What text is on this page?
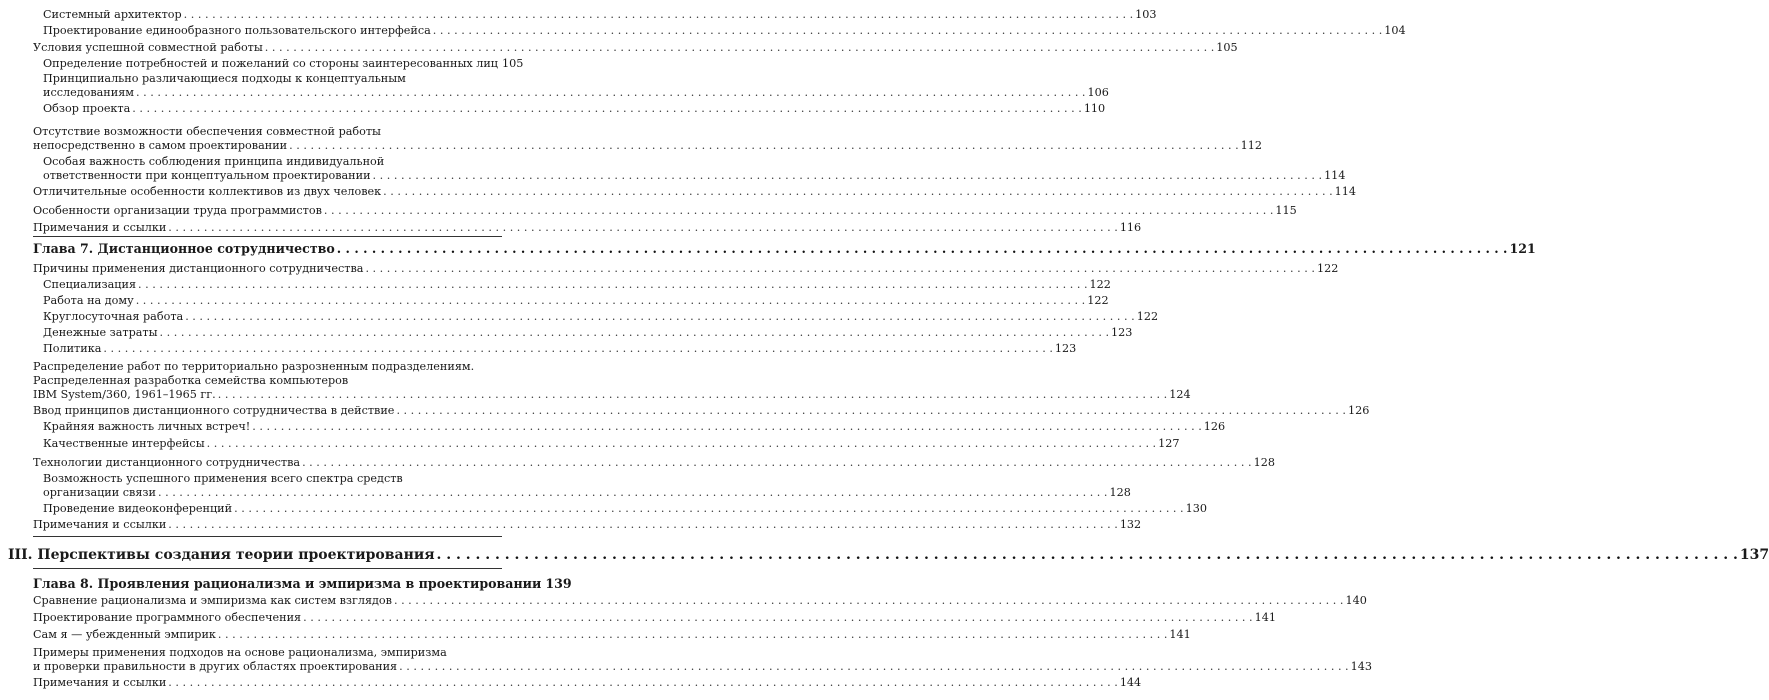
Системный архитектор . . .	103
Проектирование единообразного пользовательского интерфейса . . .	104
Условия успешной совместной работы . . .	105
Определение потребностей и пожеланий со стороны заинтересованных лиц 105
Принципиально различающиеся подходы к концептуальным
исследованиям . . .	106
Обзор проекта . . .	110
Отсутствие возможности обеспечения совместной работы
непосредственно в самом проектировании . . .	112
Особая важность соблюдения принципа индивидуальной
ответственности при концептуальном проектировании . . .	114
Отличительные особенности коллективов из двух человек . . .	114
Особенности организации труда программистов . . .	115
Примечания и ссылки . . .	116
Глава 7. Дистанционное сотрудничество . . .	121
Причины применения дистанционного сотрудничества . . .	122
Специализация . . .	122
Работа на дому . . .	122
Круглосуточная работа . . .	122
Денежные затраты . . .	123
Политика . . .	123
Распределение работ по территориально разрозненным подразделениям.
Распределенная разработка семейства компьютеров
IBM System/360, 1961–1965 гг. . . .	124
Ввод принципов дистанционного сотрудничества в действие . . .	126
Крайняя важность личных встреч! . . .	126
Качественные интерфейсы . . .	127
Технологии дистанционного сотрудничества . . .	128
Возможность успешного применения всего спектра средств
организации связи . . .	128
Проведение видеоконференций . . .	130
Примечания и ссылки . . .	132
III. Перспективы создания теории проектирования . . .	137
Глава 8. Проявления рационализма и эмпиризма в проектировании 139
Сравнение рационализма и эмпиризма как систем взглядов . . .	140
Проектирование программного обеспечения . . .	141
Сам я — убежденный эмпирик . . .	141
Примеры применения подходов на основе рационализма, эмпиризма
и проверки правильности в других областях проектирования . . .	143
Примечания и ссылки . . .	144
